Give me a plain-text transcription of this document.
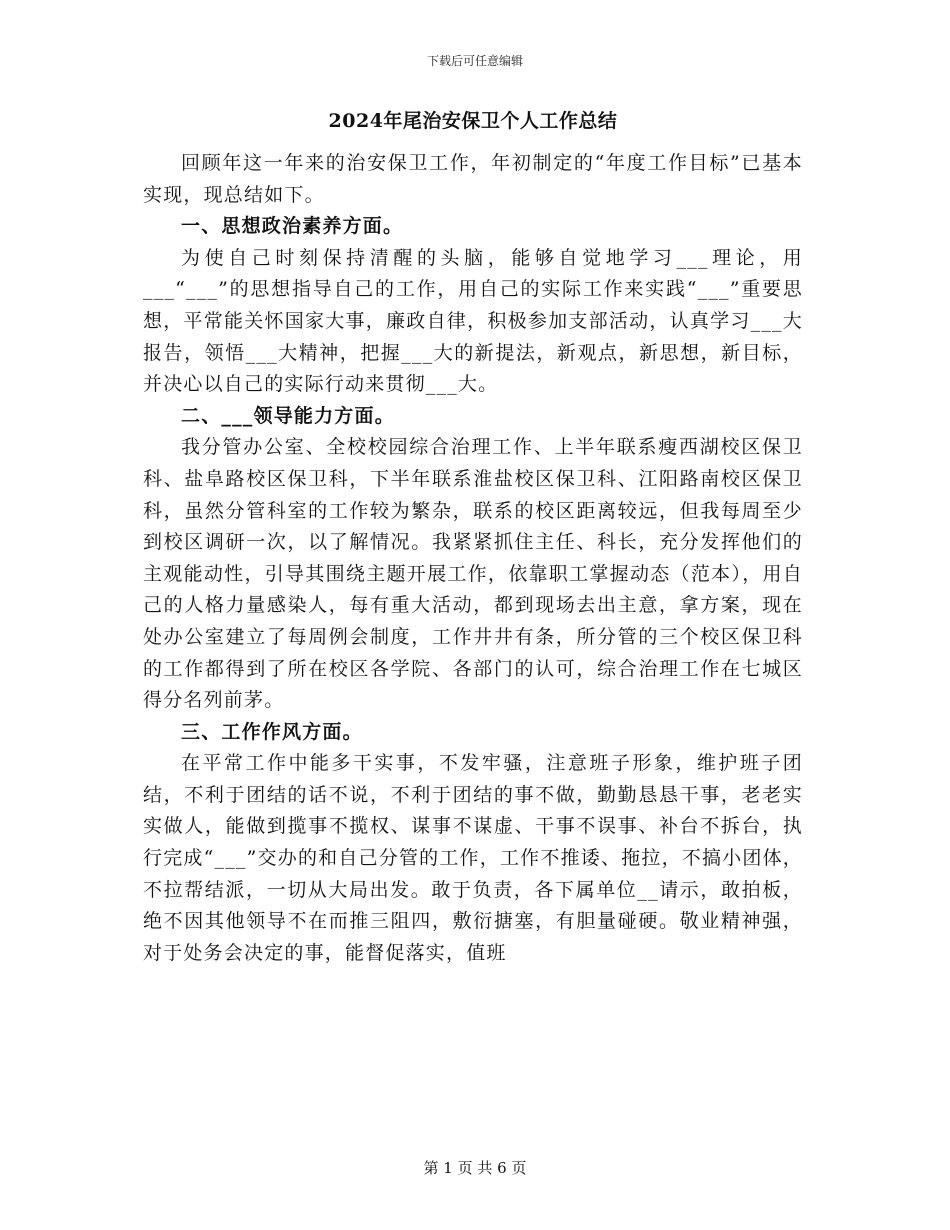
下载后可任意编辑

2024年尾治安保卫个人工作总结

回顾年这一年来的治安保卫工作，年初制定的“年度工作目标”已基本实现，现总结如下。

一、思想政治素养方面。

为使自己时刻保持清醒的头脑，能够自觉地学习___理论，用___“___”的思想指导自己的工作，用自己的实际工作来实践“___”重要思想，平常能关怀国家大事，廉政自律，积极参加支部活动，认真学习___大报告，领悟___大精神，把握___大的新提法，新观点，新思想，新目标，并决心以自己的实际行动来贯彻___大。

二、___领导能力方面。

我分管办公室、全校校园综合治理工作、上半年联系瘦西湖校区保卫科、盐阜路校区保卫科，下半年联系淮盐校区保卫科、江阳路南校区保卫科，虽然分管科室的工作较为繁杂，联系的校区距离较远，但我每周至少到校区调研一次，以了解情况。我紧紧抓住主任、科长，充分发挥他们的主观能动性，引导其围绕主题开展工作，依靠职工掌握动态（范本），用自己的人格力量感染人，每有重大活动，都到现场去出主意，拿方案，现在处办公室建立了每周例会制度，工作井井有条，所分管的三个校区保卫科的工作都得到了所在校区各学院、各部门的认可，综合治理工作在七城区得分名列前茅。

三、工作作风方面。

在平常工作中能多干实事，不发牢骚，注意班子形象，维护班子团结，不利于团结的话不说，不利于团结的事不做，勤勤恳恳干事，老老实实做人，能做到揽事不揽权、谋事不谋虚、干事不误事、补台不拆台，执行完成“___”交办的和自己分管的工作，工作不推诿、拖拉，不搞小团体，不拉帮结派，一切从大局出发。敢于负责，各下属单位__请示，敢拍板，绝不因其他领导不在而推三阻四，敷衍搪塞，有胆量碰硬。敬业精神强，对于处务会决定的事，能督促落实，值班

第 1 页 共 6 页
